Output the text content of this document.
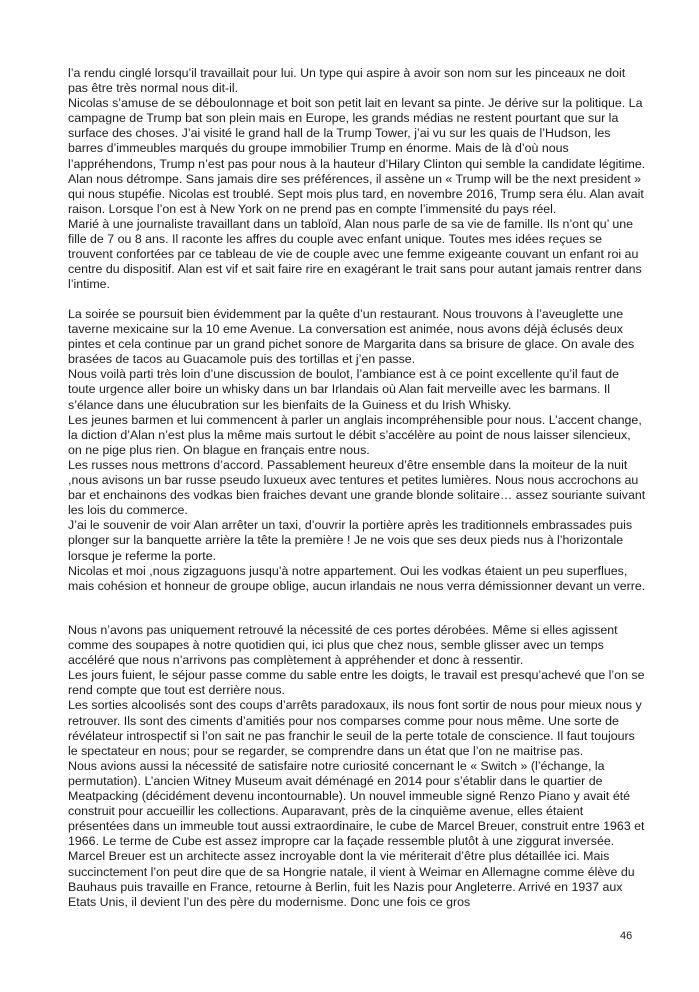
l’a rendu cinglé lorsqu’il travaillait pour lui. Un type qui aspire à avoir son nom sur les pinceaux ne doit pas être très normal nous dit-il.

Nicolas s’amuse de se déboulonnage et boit son petit lait en levant sa pinte. Je dérive sur la politique. La campagne de Trump bat son plein mais en Europe, les grands médias ne restent pourtant que sur la surface des choses. J’ai visité le grand hall de la Trump Tower, j’ai vu sur les quais de l’Hudson, les barres d’immeubles marqués du groupe immobilier Trump en énorme. Mais de là d’où nous l’appréhendons, Trump n’est pas pour nous à la hauteur d’Hilary Clinton qui semble la candidate légitime. Alan nous détrompe. Sans jamais dire ses préférences, il assène un « Trump will be the next president » qui nous stupéfie. Nicolas est troublé. Sept mois plus tard, en novembre 2016, Trump sera élu. Alan avait raison. Lorsque l’on est à New York on ne prend pas en compte l’immensité du pays réel.

Marié à une journaliste travaillant dans un tabloïd, Alan nous parle de sa vie de famille. Ils n’ont qu’ une fille de 7 ou 8 ans. Il raconte les affres du couple avec enfant unique. Toutes mes idées reçues se trouvent confortées par ce tableau de vie de couple avec une femme exigeante couvant un enfant roi au centre du dispositif. Alan est vif et sait faire rire en exagérant le trait sans pour autant jamais rentrer dans l’intime.

La soirée se poursuit bien évidemment par la quête d’un restaurant. Nous trouvons à l’aveuglette une taverne mexicaine sur la 10 eme Avenue. La conversation est animée, nous avons déjà éclusés deux pintes et cela continue par un grand pichet sonore de Margarita dans sa brisure de glace. On avale des brasées de tacos au Guacamole puis des tortillas et j’en passe.

Nous voilà parti très loin d’une discussion de boulot, l’ambiance est à ce point excellente qu’il faut de toute urgence aller boire un whisky dans un bar Irlandais où Alan fait merveille avec les barmans. Il s’élance dans une élucubration sur les bienfaits de la Guiness et du Irish Whisky.

Les jeunes barmen et lui commencent à parler un anglais incompréhensible pour nous. L’accent change, la diction d’Alan n’est plus la même mais surtout le débit s’accélère au point de nous laisser silencieux, on ne pige plus rien. On blague en français entre nous.

Les russes nous mettrons d’accord. Passablement heureux d’être ensemble dans la moiteur de la nuit ,nous avisons un bar russe pseudo luxueux avec tentures et petites lumières. Nous nous accrochons au bar et enchainons des vodkas bien fraiches devant une grande blonde solitaire… assez souriante suivant les lois du commerce.

J’ai le souvenir de voir Alan arrêter un taxi, d’ouvrir la portière après les traditionnels embrassades puis plonger sur la banquette arrière la tête la première ! Je ne vois que ses deux pieds nus à l’horizontale lorsque je referme la porte.

Nicolas et moi ,nous zigzaguons jusqu’à notre appartement. Oui les vodkas étaient un peu superflues, mais cohésion et honneur de groupe oblige, aucun irlandais ne nous verra démissionner devant un verre.

Nous n’avons pas uniquement retrouvé la nécessité de ces portes dérobées. Même si elles agissent comme des soupapes à notre quotidien qui, ici plus que chez nous, semble glisser avec un temps accéléré que nous n’arrivons pas complètement à appréhender et donc à ressentir.

Les jours fuient, le séjour passe comme du sable entre les doigts, le travail est presqu’achevé que l’on se rend compte que tout est derrière nous.

Les sorties alcoolisés sont des coups d’arrêts paradoxaux, ils nous font sortir de nous pour mieux nous y retrouver. Ils sont des ciments d’amitiés pour nos comparses comme pour nous même. Une sorte de révélateur introspectif si l’on sait ne pas franchir le seuil de la perte totale de conscience. Il faut toujours le spectateur en nous; pour se regarder, se comprendre dans un état que l’on ne maitrise pas.

Nous avions aussi la nécessité de satisfaire notre curiosité concernant le « Switch » (l’échange, la permutation). L’ancien Witney Museum avait déménagé en 2014 pour s’établir dans le quartier de Meatpacking (décidément devenu incontournable). Un nouvel immeuble signé Renzo Piano y avait été construit pour accueillir les collections. Auparavant, près de la cinquième avenue, elles étaient présentées dans un immeuble tout aussi extraordinaire, le cube de Marcel Breuer, construit entre 1963 et 1966. Le terme de Cube est assez impropre car la façade ressemble plutôt à une ziggurat inversée.

Marcel Breuer est un architecte assez incroyable dont la vie mériterait d’être plus détaillée ici. Mais succinctement l’on peut dire que de sa Hongrie natale, il vient à Weimar en Allemagne comme élève du Bauhaus puis travaille en France, retourne à Berlin, fuit les Nazis pour Angleterre. Arrivé en 1937 aux Etats Unis, il devient l’un des père du modernisme. Donc une fois ce gros

46
